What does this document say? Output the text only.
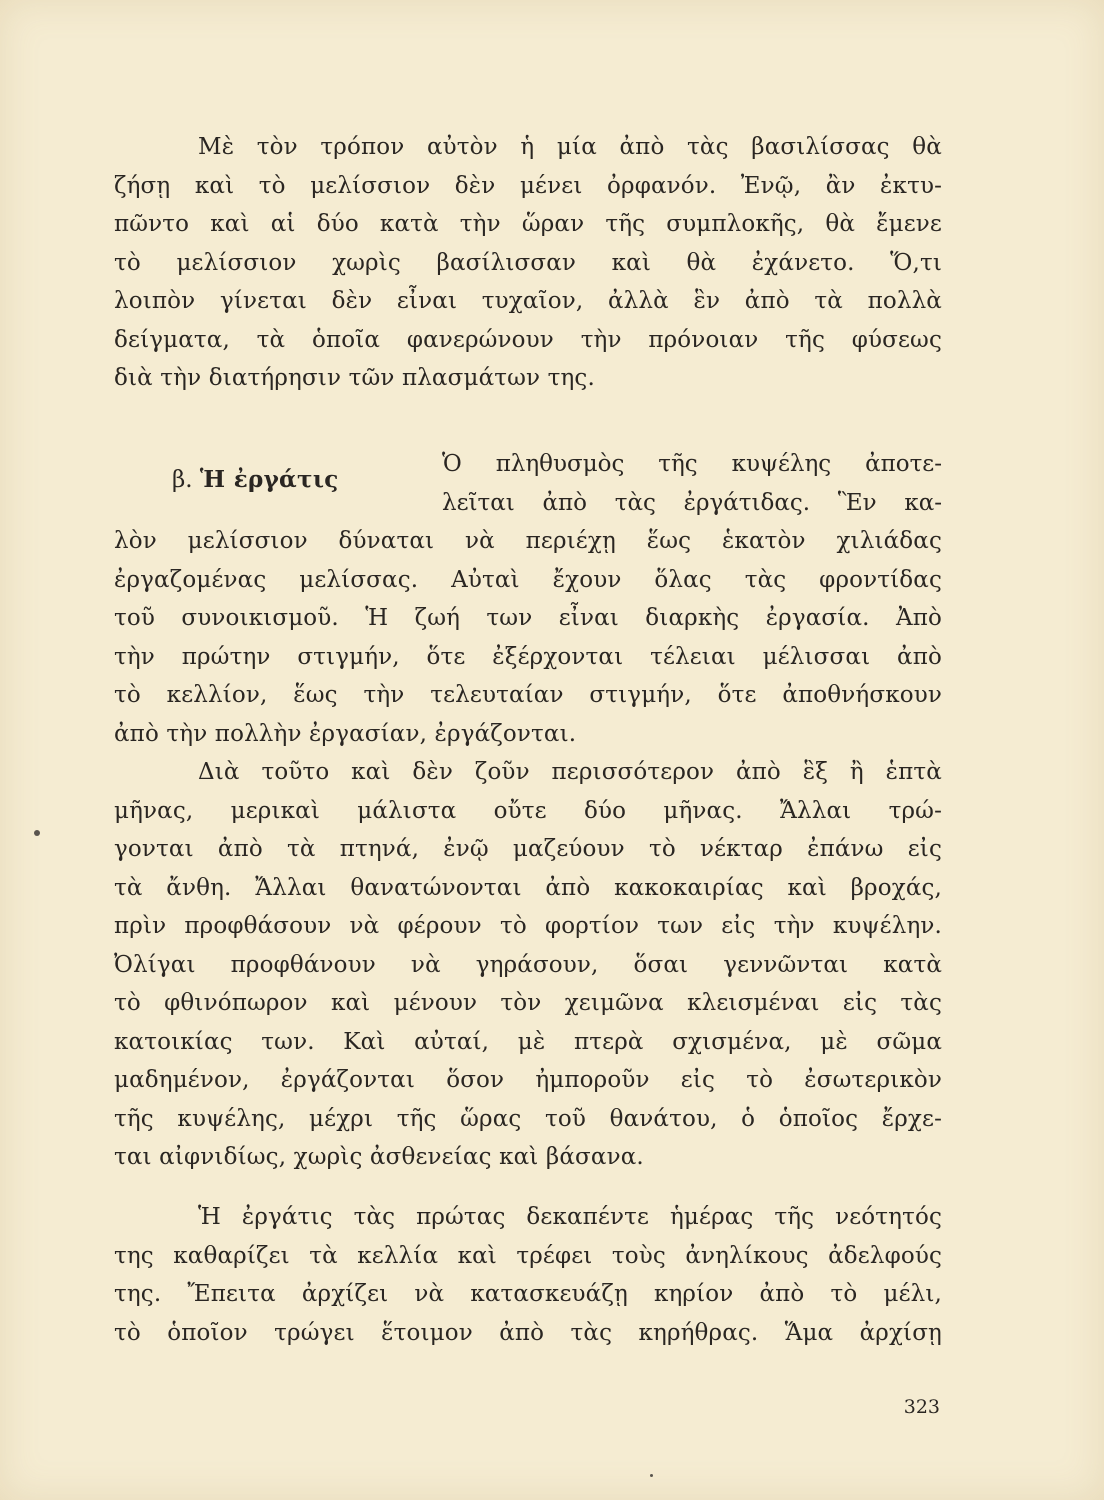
Μὲ τὸν τρόπον αὐτὸν ἡ μία ἀπὸ τὰς βασιλίσσας θὰ
ζήσῃ καὶ τὸ μελίσσιον δὲν μένει ὀρφανόν. Ἐνῷ, ἂν ἐκτυ-
πῶντο καὶ αἱ δύο κατὰ τὴν ὥραν τῆς συμπλοκῆς, θὰ ἔμενε
τὸ μελίσσιον χωρὶς βασίλισσαν καὶ θὰ ἐχάνετο. Ὅ,τι
λοιπὸν γίνεται δὲν εἶναι τυχαῖον, ἀλλὰ ἓν ἀπὸ τὰ πολλὰ
δείγματα, τὰ ὁποῖα φανερώνουν τὴν πρόνοιαν τῆς φύσεως
διὰ τὴν διατήρησιν τῶν πλασμάτων της.
β. Ἡ ἐργάτις
Ὁ πληθυσμὸς τῆς κυψέλης ἀποτε-
λεῖται ἀπὸ τὰς ἐργάτιδας. Ἓν κα-
λὸν μελίσσιον δύναται νὰ περιέχῃ ἕως ἑκατὸν χιλιάδας
ἐργαζομένας μελίσσας. Αὐταὶ ἔχουν ὅλας τὰς φροντίδας
τοῦ συνοικισμοῦ. Ἡ ζωή των εἶναι διαρκὴς ἐργασία. Ἀπὸ
τὴν πρώτην στιγμήν, ὅτε ἐξέρχονται τέλειαι μέλισσαι ἀπὸ
τὸ κελλίον, ἕως τὴν τελευταίαν στιγμήν, ὅτε ἀποθνήσκουν
ἀπὸ τὴν πολλὴν ἐργασίαν, ἐργάζονται.
Διὰ τοῦτο καὶ δὲν ζοῦν περισσότερον ἀπὸ ἓξ ἢ ἑπτὰ
μῆνας, μερικαὶ μάλιστα οὔτε δύο μῆνας. Ἄλλαι τρώ-
γονται ἀπὸ τὰ πτηνά, ἐνῷ μαζεύουν τὸ νέκταρ ἐπάνω εἰς
τὰ ἄνθη. Ἄλλαι θανατώνονται ἀπὸ κακοκαιρίας καὶ βροχάς,
πρὶν προφθάσουν νὰ φέρουν τὸ φορτίον των εἰς τὴν κυψέλην.
Ὀλίγαι προφθάνουν νὰ γηράσουν, ὅσαι γεννῶνται κατὰ
τὸ φθινόπωρον καὶ μένουν τὸν χειμῶνα κλεισμέναι εἰς τὰς
κατοικίας των. Καὶ αὐταί, μὲ πτερὰ σχισμένα, μὲ σῶμα
μαδημένον, ἐργάζονται ὅσον ἠμποροῦν εἰς τὸ ἐσωτερικὸν
τῆς κυψέλης, μέχρι τῆς ὥρας τοῦ θανάτου, ὁ ὁποῖος ἔρχε-
ται αἰφνιδίως, χωρὶς ἀσθενείας καὶ βάσανα.
Ἡ ἐργάτις τὰς πρώτας δεκαπέντε ἡμέρας τῆς νεότητός
της καθαρίζει τὰ κελλία καὶ τρέφει τοὺς ἀνηλίκους ἀδελφούς
της. Ἔπειτα ἀρχίζει νὰ κατασκευάζῃ κηρίον ἀπὸ τὸ μέλι,
τὸ ὁποῖον τρώγει ἕτοιμον ἀπὸ τὰς κηρήθρας. Ἅμα ἀρχίσῃ
323
